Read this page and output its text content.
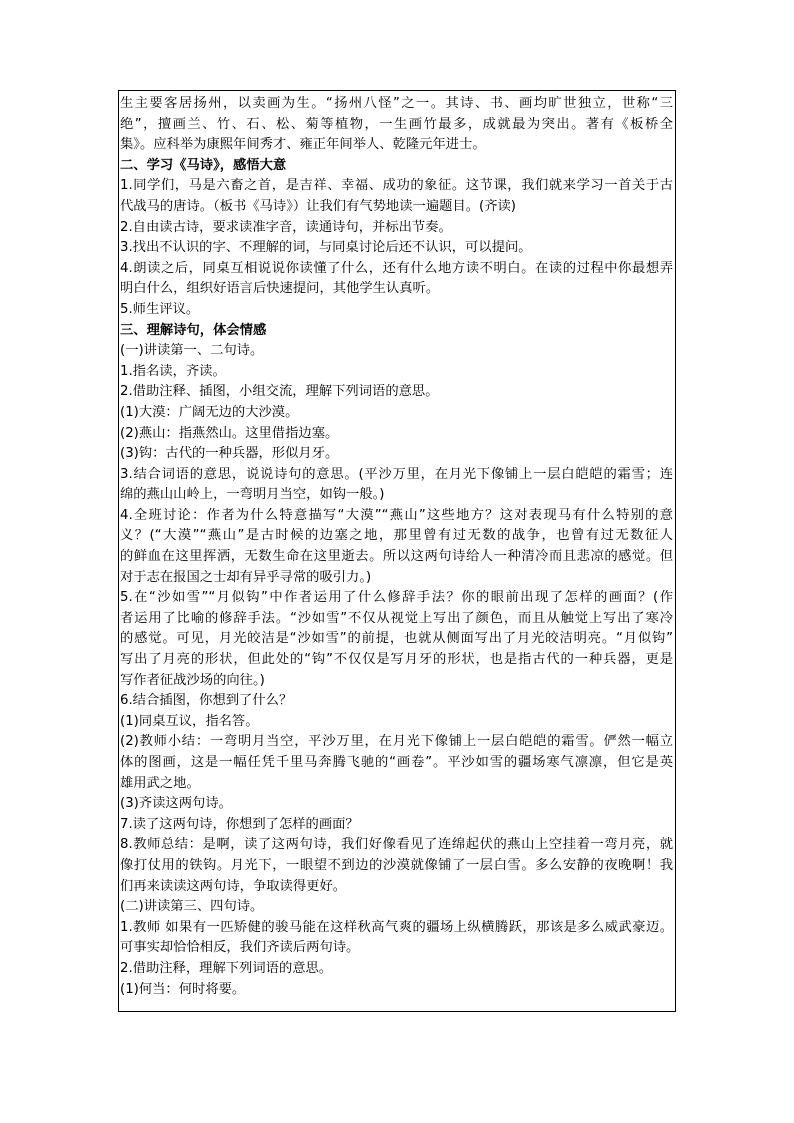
生主要客居扬州，以卖画为生。“扬州八怪”之一。其诗、书、画均旷世独立，世称“三
绝”，擅画兰、竹、石、松、菊等植物，一生画竹最多，成就最为突出。著有《板桥全
集》。应科举为康熙年间秀才、雍正年间举人、乾隆元年进士。
二、学习《马诗》，感悟大意
1.同学们，马是六畜之首，是吉祥、幸福、成功的象征。这节课，我们就来学习一首关于古
代战马的唐诗。（板书《马诗》）让我们有气势地读一遍题目。(齐读)
2.自由读古诗，要求读准字音，读通诗句，并标出节奏。
3.找出不认识的字、不理解的词，与同桌讨论后还不认识，可以提问。
4.朗读之后，同桌互相说说你读懂了什么，还有什么地方读不明白。在读的过程中你最想弄
明白什么，组织好语言后快速提问，其他学生认真听。
5.师生评议。
三、理解诗句，体会情感
(一)讲读第一、二句诗。
1.指名读，齐读。
2.借助注释、插图，小组交流，理解下列词语的意思。
(1)大漠：广阔无边的大沙漠。
(2)燕山：指燕然山。这里借指边塞。
(3)钩：古代的一种兵器，形似月牙。
3.结合词语的意思，说说诗句的意思。(平沙万里，在月光下像铺上一层白皑皑的霜雪；连
绵的燕山山岭上，一弯明月当空，如钩一般。)
4.全班讨论：作者为什么特意描写“大漠”“燕山”这些地方？这对表现马有什么特别的意
义？(“大漠”“燕山”是古时候的边塞之地，那里曾有过无数的战争，也曾有过无数征人
的鲜血在这里挥洒，无数生命在这里逝去。所以这两句诗给人一种清冷而且悲凉的感觉。但
对于志在报国之士却有异乎寻常的吸引力。)
5.在“沙如雪”“月似钩”中作者运用了什么修辞手法？你的眼前出现了怎样的画面？(作
者运用了比喻的修辞手法。“沙如雪”不仅从视觉上写出了颜色，而且从触觉上写出了寒冷
的感觉。可见，月光皎洁是“沙如雪”的前提，也就从侧面写出了月光皎洁明亮。“月似钩”
写出了月亮的形状，但此处的“钩”不仅仅是写月牙的形状，也是指古代的一种兵器，更是
写作者征战沙场的向往。)
6.结合插图，你想到了什么？
(1)同桌互议，指名答。
(2)教师小结：一弯明月当空，平沙万里，在月光下像铺上一层白皑皑的霜雪。俨然一幅立
体的图画，这是一幅任凭千里马奔腾飞驰的“画卷”。平沙如雪的疆场寒气凛凛，但它是英
雄用武之地。
(3)齐读这两句诗。
7.读了这两句诗，你想到了怎样的画面？
8.教师总结：是啊，读了这两句诗，我们好像看见了连绵起伏的燕山上空挂着一弯月亮，就
像打仗用的铁钩。月光下，一眼望不到边的沙漠就像铺了一层白雪。多么安静的夜晚啊！我
们再来读读这两句诗，争取读得更好。
(二)讲读第三、四句诗。
1.教师 如果有一匹矫健的骏马能在这样秋高气爽的疆场上纵横腾跃，那该是多么威武豪迈。
可事实却恰恰相反，我们齐读后两句诗。
2.借助注释，理解下列词语的意思。
(1)何当：何时将要。
